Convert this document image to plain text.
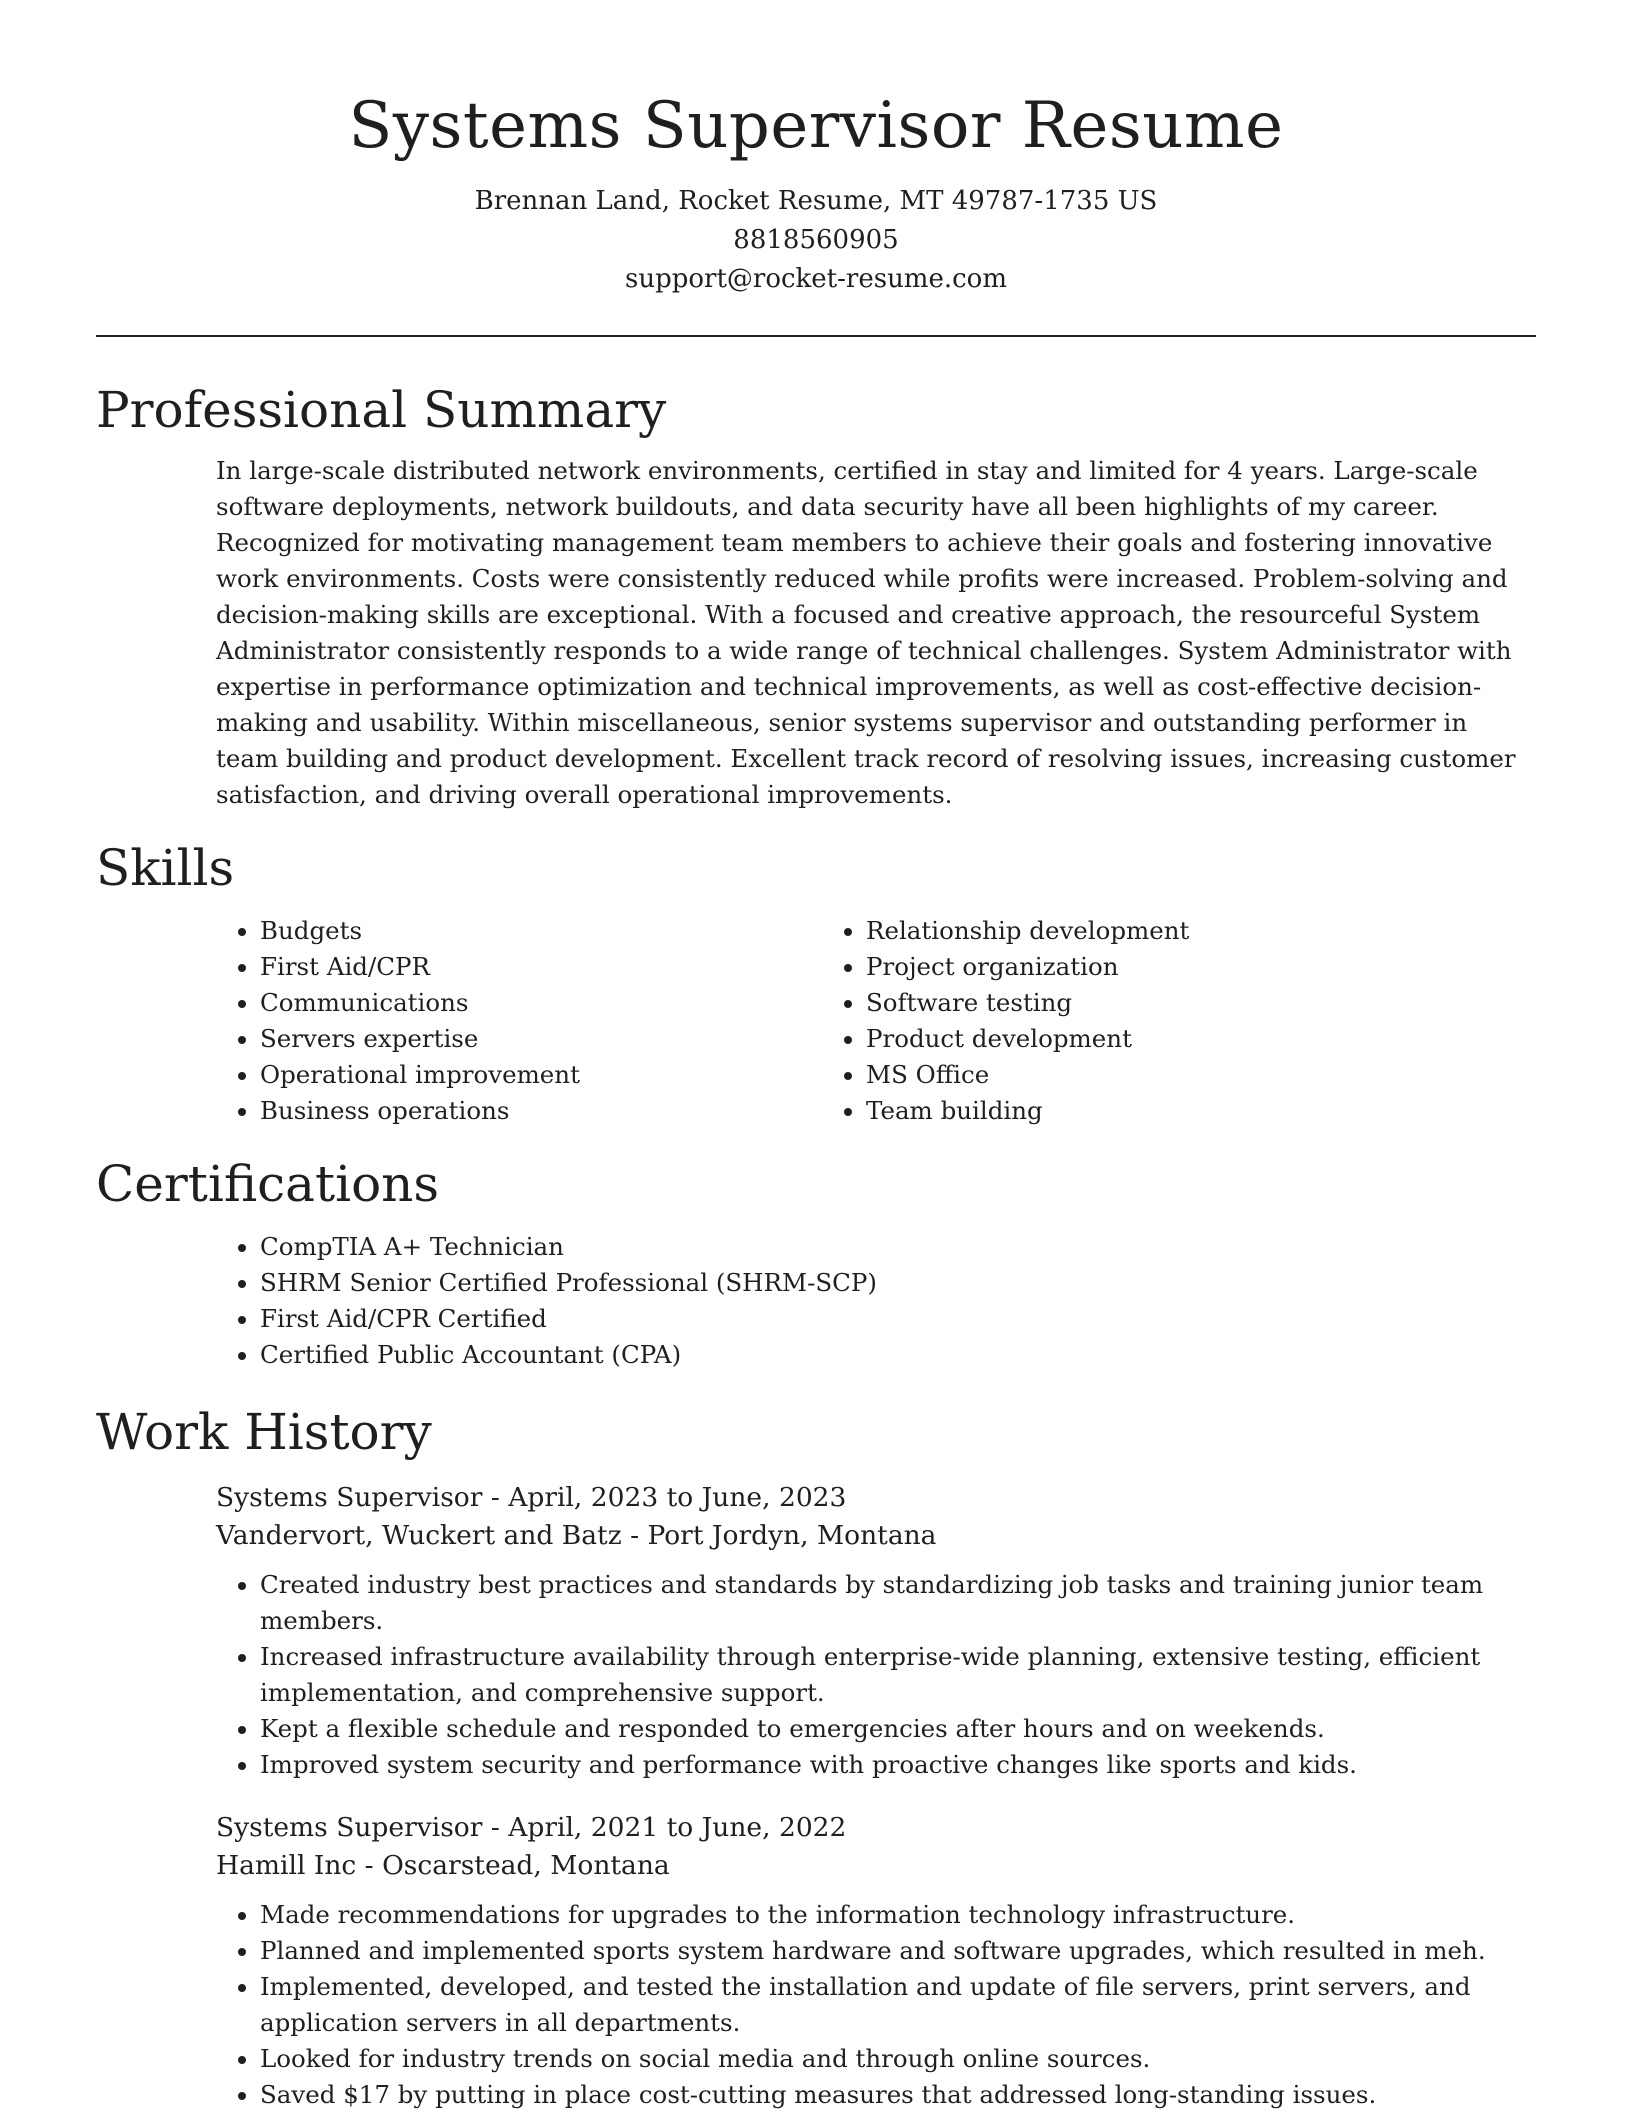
Systems Supervisor Resume
Brennan Land, Rocket Resume, MT 49787-1735 US
8818560905
support@rocket-resume.com
Professional Summary

In large-scale distributed network environments, certified in stay and limited for 4 years. Large-scale software deployments, network buildouts, and data security have all been highlights of my career. Recognized for motivating management team members to achieve their goals and fostering innovative work environments. Costs were consistently reduced while profits were increased. Problem-solving and decision-making skills are exceptional. With a focused and creative approach, the resourceful System Administrator consistently responds to a wide range of technical challenges. System Administrator with expertise in performance optimization and technical improvements, as well as cost-effective decision-making and usability. Within miscellaneous, senior systems supervisor and outstanding performer in team building and product development. Excellent track record of resolving issues, increasing customer satisfaction, and driving overall operational improvements.

Skills
• Budgets
• First Aid/CPR
• Communications
• Servers expertise
• Operational improvement
• Business operations
• Relationship development
• Project organization
• Software testing
• Product development
• MS Office
• Team building
Certifications
• CompTIA A+ Technician
• SHRM Senior Certified Professional (SHRM-SCP)
• First Aid/CPR Certified
• Certified Public Accountant (CPA)
Work History
Systems Supervisor - April, 2023 to June, 2023
Vandervort, Wuckert and Batz - Port Jordyn, Montana
• Created industry best practices and standards by standardizing job tasks and training junior team members.
• Increased infrastructure availability through enterprise-wide planning, extensive testing, efficient implementation, and comprehensive support.
• Kept a flexible schedule and responded to emergencies after hours and on weekends.
• Improved system security and performance with proactive changes like sports and kids.
Systems Supervisor - April, 2021 to June, 2022
Hamill Inc - Oscarstead, Montana
• Made recommendations for upgrades to the information technology infrastructure.
• Planned and implemented sports system hardware and software upgrades, which resulted in meh.
• Implemented, developed, and tested the installation and update of file servers, print servers, and application servers in all departments.
• Looked for industry trends on social media and through online sources.
• Saved $17 by putting in place cost-cutting measures that addressed long-standing issues.
